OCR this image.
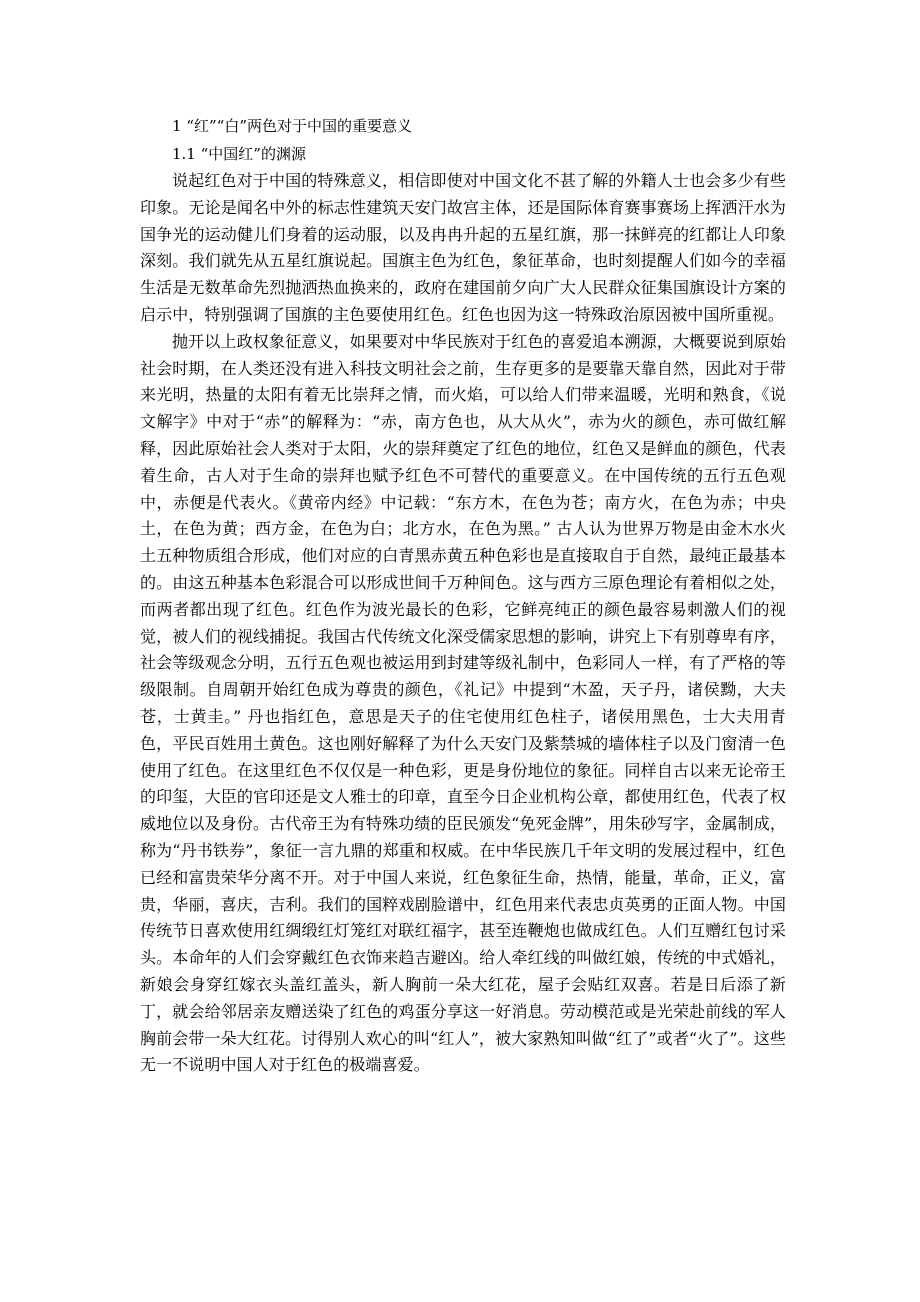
1 “红”“白”两色对于中国的重要意义

1.1 “中国红”的渊源

说起红色对于中国的特殊意义，相信即使对中国文化不甚了解的外籍人士也会多少有些印象。无论是闻名中外的标志性建筑天安门故宫主体，还是国际体育赛事赛场上挥洒汗水为国争光的运动健儿们身着的运动服，以及冉冉升起的五星红旗，那一抹鲜亮的红都让人印象深刻。我们就先从五星红旗说起。国旗主色为红色，象征革命，也时刻提醒人们如今的幸福生活是无数革命先烈抛洒热血换来的，政府在建国前夕向广大人民群众征集国旗设计方案的启示中，特别强调了国旗的主色要使用红色。红色也因为这一特殊政治原因被中国所重视。

抛开以上政权象征意义，如果要对中华民族对于红色的喜爱追本溯源，大概要说到原始社会时期，在人类还没有进入科技文明社会之前，生存更多的是要靠天靠自然，因此对于带来光明，热量的太阳有着无比崇拜之情，而火焰，可以给人们带来温暖，光明和熟食，《说文解字》中对于“赤”的解释为：“赤，南方色也，从大从火”，赤为火的颜色，赤可做红解释，因此原始社会人类对于太阳，火的崇拜奠定了红色的地位，红色又是鲜血的颜色，代表着生命，古人对于生命的崇拜也赋予红色不可替代的重要意义。在中国传统的五行五色观中，赤便是代表火。《黄帝内经》中记载：“东方木，在色为苍；南方火，在色为赤；中央土，在色为黄；西方金，在色为白；北方水，在色为黑。” 古人认为世界万物是由金木水火土五种物质组合形成，他们对应的白青黑赤黄五种色彩也是直接取自于自然，最纯正最基本的。由这五种基本色彩混合可以形成世间千万种间色。这与西方三原色理论有着相似之处，而两者都出现了红色。红色作为波光最长的色彩，它鲜亮纯正的颜色最容易刺激人们的视觉，被人们的视线捕捉。我国古代传统文化深受儒家思想的影响，讲究上下有别尊卑有序，社会等级观念分明，五行五色观也被运用到封建等级礼制中，色彩同人一样，有了严格的等级限制。自周朝开始红色成为尊贵的颜色，《礼记》中提到“木盈，天子丹，诸侯黝，大夫苍，士黄圭。” 丹也指红色，意思是天子的住宅使用红色柱子，诸侯用黑色，士大夫用青色，平民百姓用土黄色。这也刚好解释了为什么天安门及紫禁城的墙体柱子以及门窗清一色使用了红色。在这里红色不仅仅是一种色彩，更是身份地位的象征。同样自古以来无论帝王的印玺，大臣的官印还是文人雅士的印章，直至今日企业机构公章，都使用红色，代表了权威地位以及身份。古代帝王为有特殊功绩的臣民颁发“免死金牌”，用朱砂写字，金属制成，称为“丹书铁券”，象征一言九鼎的郑重和权威。在中华民族几千年文明的发展过程中，红色已经和富贵荣华分离不开。对于中国人来说，红色象征生命，热情，能量，革命，正义，富贵，华丽，喜庆，吉利。我们的国粹戏剧脸谱中，红色用来代表忠贞英勇的正面人物。中国传统节日喜欢使用红绸缎红灯笼红对联红福字，甚至连鞭炮也做成红色。人们互赠红包讨采头。本命年的人们会穿戴红色衣饰来趋吉避凶。给人牵红线的叫做红娘，传统的中式婚礼，新娘会身穿红嫁衣头盖红盖头，新人胸前一朵大红花，屋子会贴红双喜。若是日后添了新丁，就会给邻居亲友赠送染了红色的鸡蛋分享这一好消息。劳动模范或是光荣赴前线的军人胸前会带一朵大红花。讨得别人欢心的叫“红人”，被大家熟知叫做“红了”或者“火了”。这些无一不说明中国人对于红色的极端喜爱。
